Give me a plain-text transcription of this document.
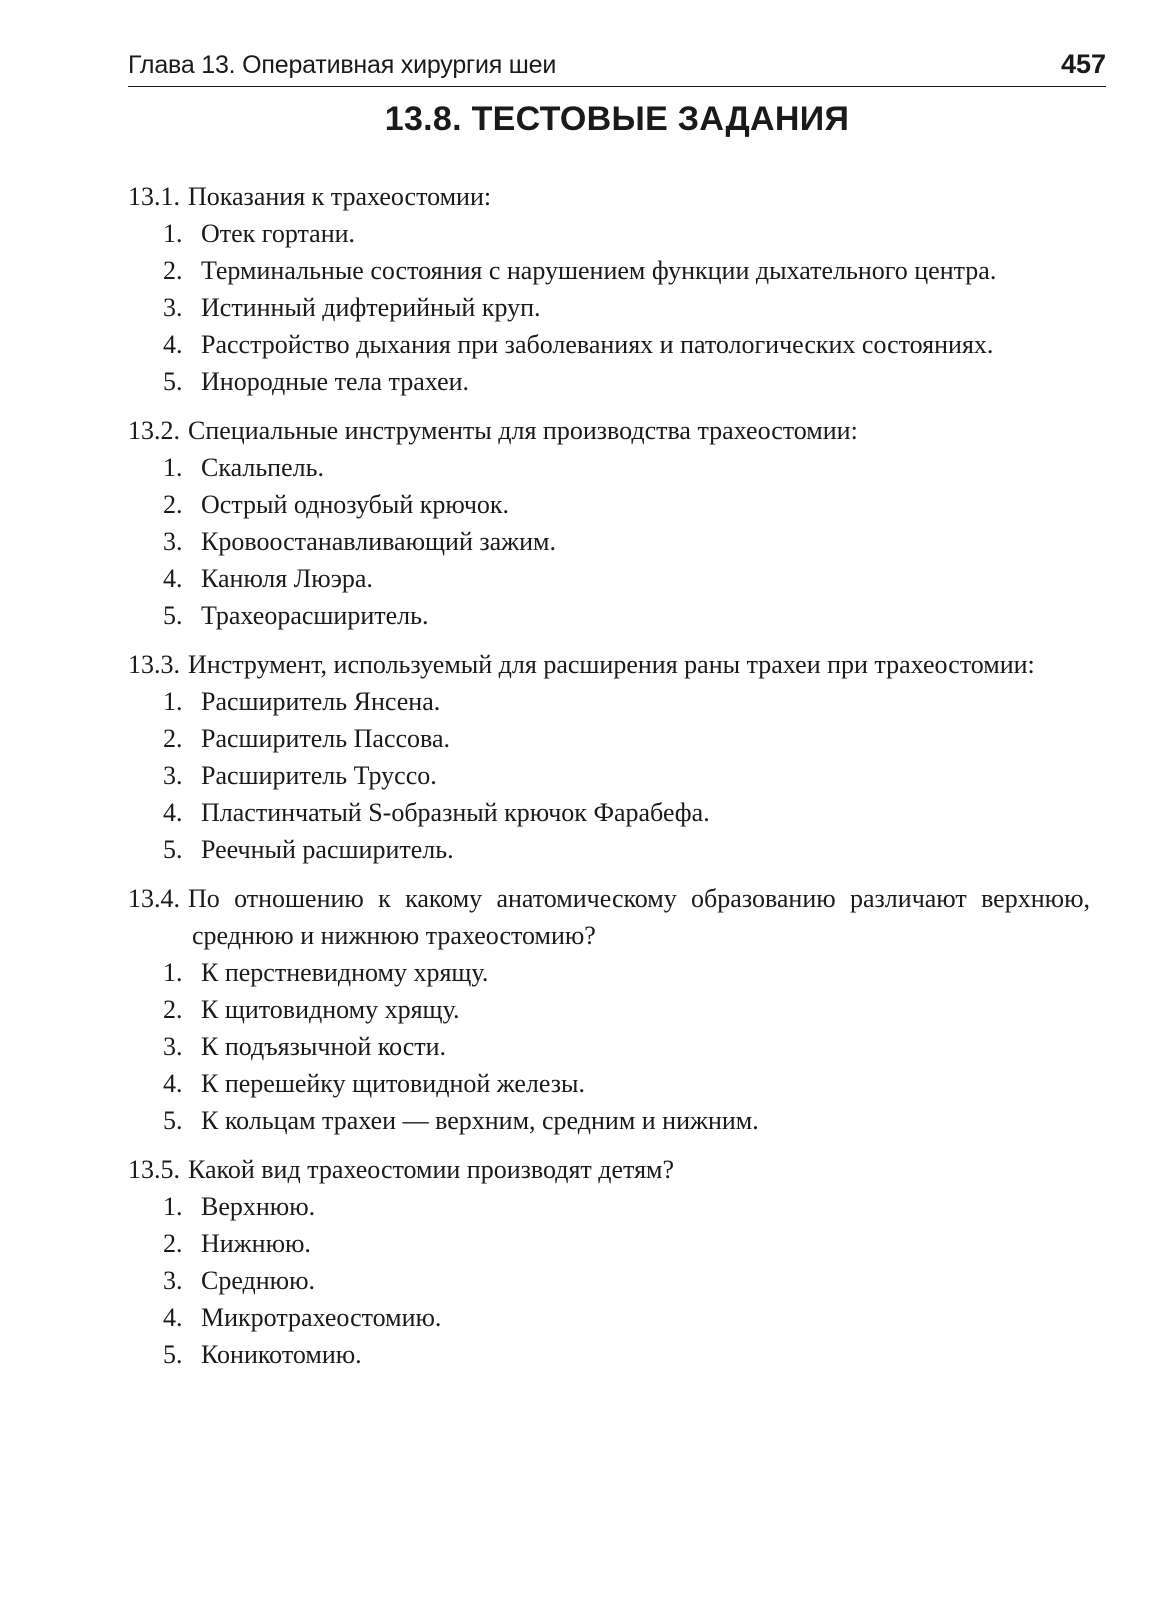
Глава 13. Оперативная хирургия шеи	457
13.8. ТЕСТОВЫЕ ЗАДАНИЯ
13.1. Показания к трахеостомии:
1. Отек гортани.
2. Терминальные состояния с нарушением функции дыхательного центра.
3. Истинный дифтерийный круп.
4. Расстройство дыхания при заболеваниях и патологических состояниях.
5. Инородные тела трахеи.
13.2. Специальные инструменты для производства трахеостомии:
1. Скальпель.
2. Острый однозубый крючок.
3. Кровоостанавливающий зажим.
4. Канюля Люэра.
5. Трахеорасширитель.
13.3. Инструмент, используемый для расширения раны трахеи при трахеостомии:
1. Расширитель Янсена.
2. Расширитель Пассова.
3. Расширитель Труссо.
4. Пластинчатый S-образный крючок Фарабефа.
5. Реечный расширитель.
13.4. По отношению к какому анатомическому образованию различают верхнюю, среднюю и нижнюю трахеостомию?
1. К перстневидному хрящу.
2. К щитовидному хрящу.
3. К подъязычной кости.
4. К перешейку щитовидной железы.
5. К кольцам трахеи — верхним, средним и нижним.
13.5. Какой вид трахеостомии производят детям?
1. Верхнюю.
2. Нижнюю.
3. Среднюю.
4. Микротрахеостомию.
5. Коникотомию.
